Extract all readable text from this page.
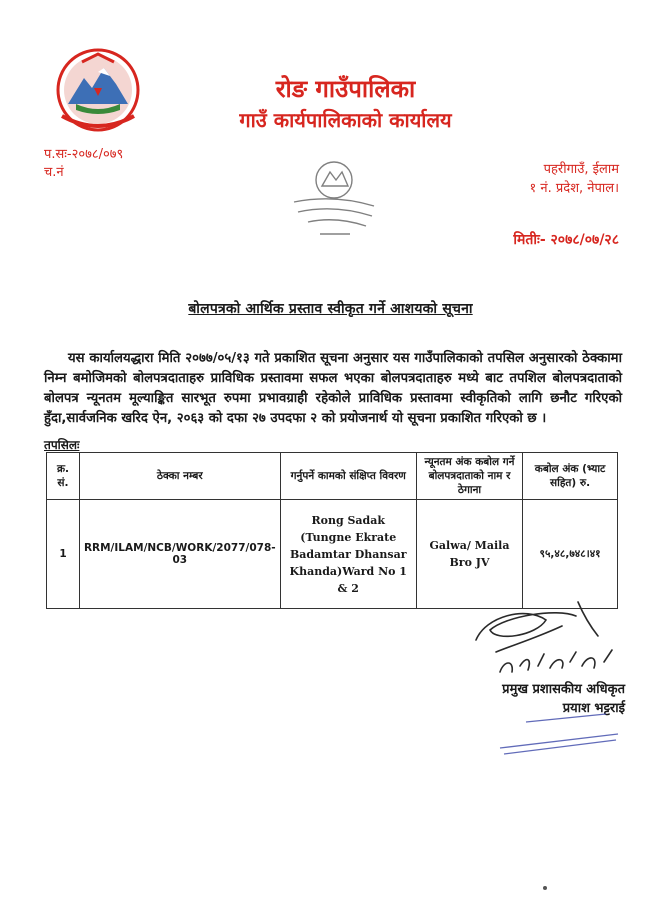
रोङ गाउँपालिका
गाउँ कार्यपालिकाको कार्यालय
प.सः-२०७८/०७९
च.नं	पहरीगाउँ, ईलाम
१ नं. प्रदेश, नेपाल।
मितीः- २०७८/०७/२८
बोलपत्रको आर्थिक प्रस्ताव स्वीकृत गर्ने आशयको सूचना
यस कार्यालयद्धारा मिति २०७७/०५/१३ गते प्रकाशित सूचना अनुसार यस गाउँपालिकाको तपसिल अनुसारको ठेक्कामा निम्न बमोजिमको बोलपत्रदाताहरु प्राविधिक प्रस्तावमा सफल भएका बोलपत्रदाताहरु मध्ये बाट तपशिल बोलपत्रदाताको बोलपत्र न्यूनतम मूल्याङ्कित सारभूत रुपमा प्रभावग्राही रहेकोले प्राविधिक प्रस्तावमा स्वीकृतिको लागि छनौट गरिएको हुँदा,सार्वजनिक खरिद ऐन, २०६३ को दफा २७ उपदफा २ को प्रयोजनार्थ यो सूचना प्रकाशित गरिएको छ ।
तपसिलः
क्र. सं.	ठेक्का नम्बर	गर्नुपर्ने कामको संक्षिप्त विवरण	न्यूनतम अंक कबोल गर्ने बोलपत्रदाताको नाम र ठेगाना	कबोल अंक (भ्याट सहित) रु.
1	RRM/ILAM/NCB/WORK/2077/078-03	Rong Sadak (Tungne Ekrate Badamtar Dhansar Khanda)Ward No 1 & 2	Galwa/ Maila Bro JV	९५,४८,७४८।४१
प्रमुख प्रशासकीय अधिकृत
प्रयाश भट्टराई
